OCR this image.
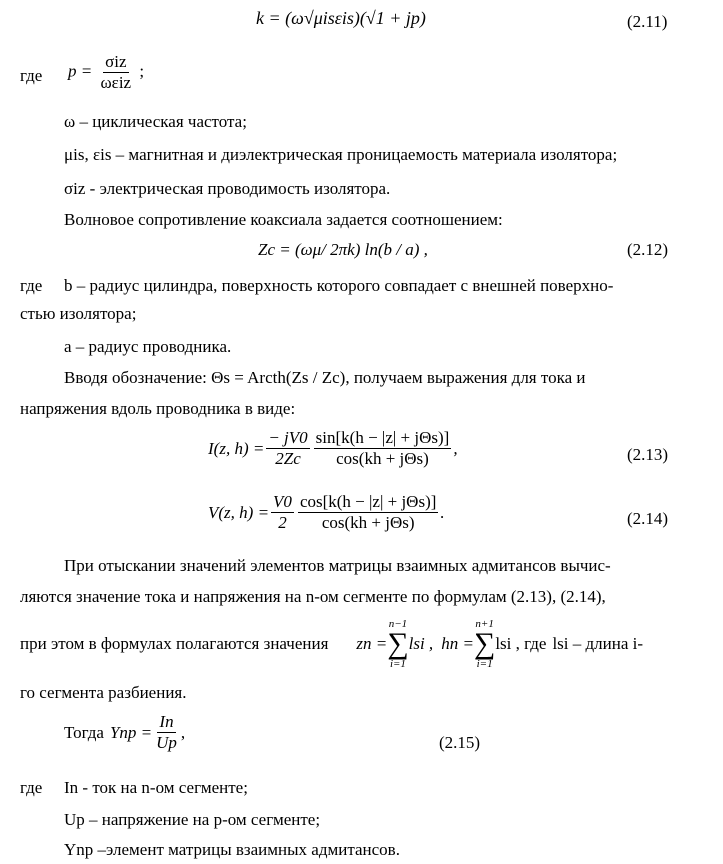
k = (ω√μisεis)(√1 + jp)	(2.11)
где $p = \frac{\text{σiz}}{\text{ωεiz}}$ ;
ω – циклическая частота;
μis, εis – магнитная и диэлектрическая проницаемость материала изолятора;
σiz - электрическая проводимость изолятора.
Волновое сопротивление коаксиала задается соотношением:
Zc = (ωμ/ 2πk) ln(b / a) ,	(2.12)
где b – радиус цилиндра, поверхность которого совпадает с внешней поверхно-
стью изолятора;
a – радиус проводника.
Вводя обозначение: Θs = Arcth(Zs / Zc), получаем выражения для тока и
напряжения вдоль проводника в виде:
I(z, $h) = \frac{- jV0}{2Zc} \frac{\text{sin[k(h − |z| + jΘs)]}}{\text{cos(kh + jΘs)}}$ ,	(2.13)
V(z, $h) = \frac{V0}{2} \frac{\text{cos[k(h − |z| + jΘs)]}}{\text{cos(kh + jΘs)}}$ .	(2.14)
При отыскании значений элементов матрицы взаимных адмитансов вычис-
ляются значение тока и напряжения на n-ом сегменте по формулам (2.13), (2.14),
при этом в формулах полагаются значения zn =
n−1
∑
i=1
lsi , hn =
n+1
∑
i=1
lsi , где lsi – длина i-
го сегмента разбиения.
Тогда Ynp = $\frac{In}{Up}$ ,
(2.15)
где In - ток на n-ом сегменте;
Up – напряжение на p-ом сегменте;
Ynp –элемент матрицы взаимных адмитансов.
